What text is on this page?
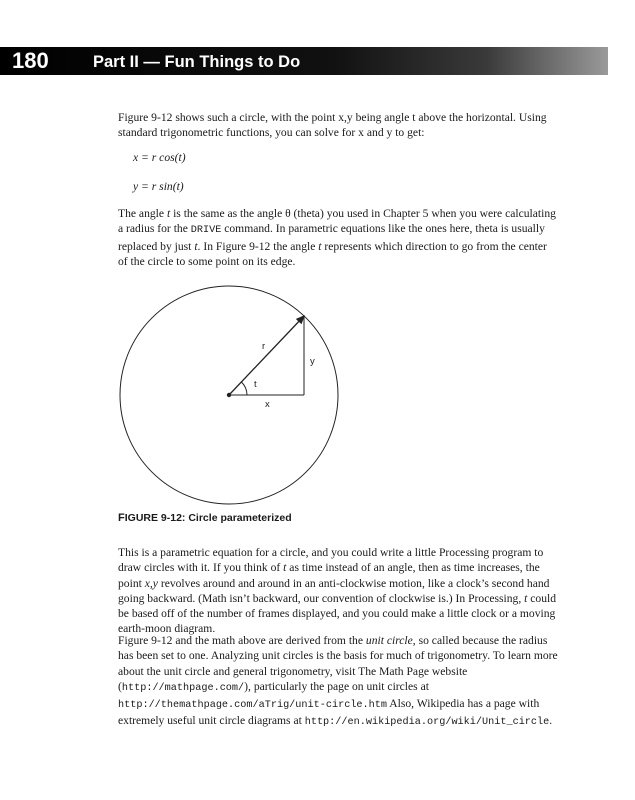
180	Part II — Fun Things to Do

Figure 9-12 shows such a circle, with the point x,y being angle t above the horizontal. Using standard trigonometric functions, you can solve for x and y to get:

x = r cos(t)

y = r sin(t)

The angle t is the same as the angle θ (theta) you used in Chapter 5 when you were calculating a radius for the DRIVE command. In parametric equations like the ones here, theta is usually replaced by just t. In Figure 9-12 the angle t represents which direction to go from the center of the circle to some point on its edge.

r
y
t
x

FIGURE 9-12: Circle parameterized

This is a parametric equation for a circle, and you could write a little Processing program to draw circles with it. If you think of t as time instead of an angle, then as time increases, the point x,y revolves around and around in an anti-clockwise motion, like a clock’s second hand going backward. (Math isn’t backward, our convention of clockwise is.) In Processing, t could be based off of the number of frames displayed, and you could make a little clock or a moving earth-moon diagram.

Figure 9-12 and the math above are derived from the unit circle, so called because the radius has been set to one. Analyzing unit circles is the basis for much of trigonometry. To learn more about the unit circle and general trigonometry, visit The Math Page website (http://mathpage.com/), particularly the page on unit circles at http://themathpage.com/aTrig/unit-circle.htm Also, Wikipedia has a page with extremely useful unit circle diagrams at http://en.wikipedia.org/wiki/Unit_circle.
